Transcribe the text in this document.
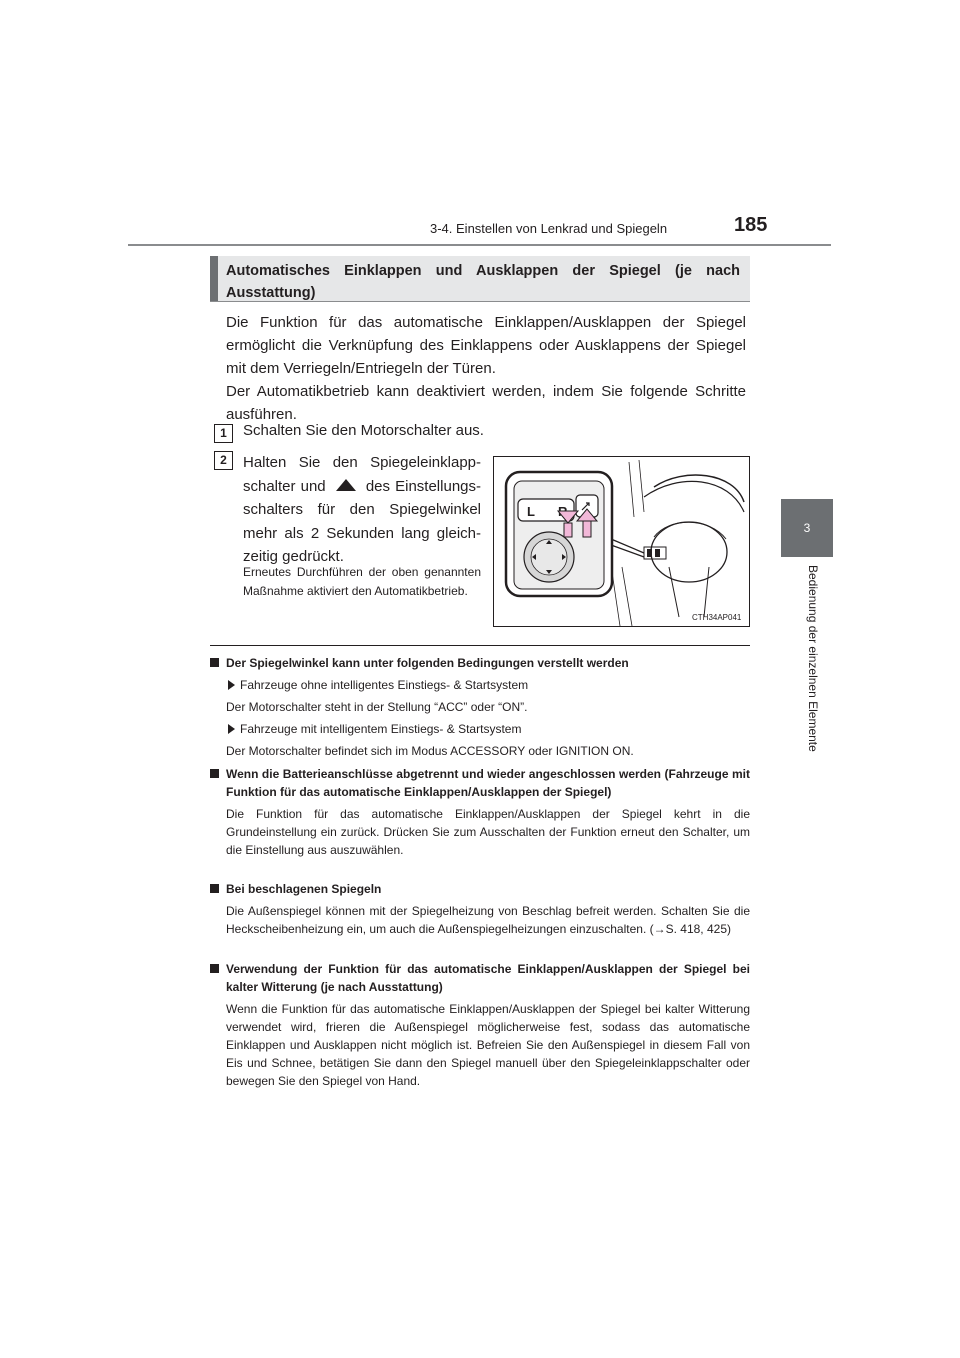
3-4. Einstellen von Lenkrad und Spiegeln	185
3
Bedienung der einzelnen Elemente
Automatisches Einklappen und Ausklappen der Spiegel (je nach Ausstattung)
Die Funktion für das automatische Einklappen/Ausklappen der Spiegel ermöglicht die Verknüpfung des Einklappens oder Ausklappens der Spiegel mit dem Verriegeln/Entriegeln der Türen.
Der Automatikbetrieb kann deaktiviert werden, indem Sie folgende Schritte ausführen.
1	Schalten Sie den Motorschalter aus.
2	Halten Sie den Spiegeleinklapp-schalter und	des Einstellungs-schalters für den Spiegelwinkel mehr als 2 Sekunden lang gleich-zeitig gedrückt.
Erneutes Durchführen der oben genannten Maßnahme aktiviert den Automatikbetrieb.
L
CTH34AP041
Der Spiegelwinkel kann unter folgenden Bedingungen verstellt werden
Fahrzeuge ohne intelligentes Einstiegs- & Startsystem
Der Motorschalter steht in der Stellung “ACC” oder “ON”.
Fahrzeuge mit intelligentem Einstiegs- & Startsystem
Der Motorschalter befindet sich im Modus ACCESSORY oder IGNITION ON.
Wenn die Batterieanschlüsse abgetrennt und wieder angeschlossen werden (Fahrzeuge mit Funktion für das automatische Einklappen/Ausklappen der Spiegel)
Die Funktion für das automatische Einklappen/Ausklappen der Spiegel kehrt in die Grundeinstellung ein zurück. Drücken Sie zum Ausschalten der Funktion erneut den Schalter, um die Einstellung aus auszuwählen.
Bei beschlagenen Spiegeln
Die Außenspiegel können mit der Spiegelheizung von Beschlag befreit werden. Schalten Sie die Heckscheibenheizung ein, um auch die Außenspiegelheizungen einzuschalten. (→S. 418, 425)
Verwendung der Funktion für das automatische Einklappen/Ausklappen der Spiegel bei kalter Witterung (je nach Ausstattung)
Wenn die Funktion für das automatische Einklappen/Ausklappen der Spiegel bei kalter Witterung verwendet wird, frieren die Außenspiegel möglicherweise fest, sodass das automatische Einklappen und Ausklappen nicht möglich ist. Befreien Sie den Außenspiegel in diesem Fall von Eis und Schnee, betätigen Sie dann den Spiegel manuell über den Spiegeleinklappschalter oder bewegen Sie den Spiegel von Hand.
